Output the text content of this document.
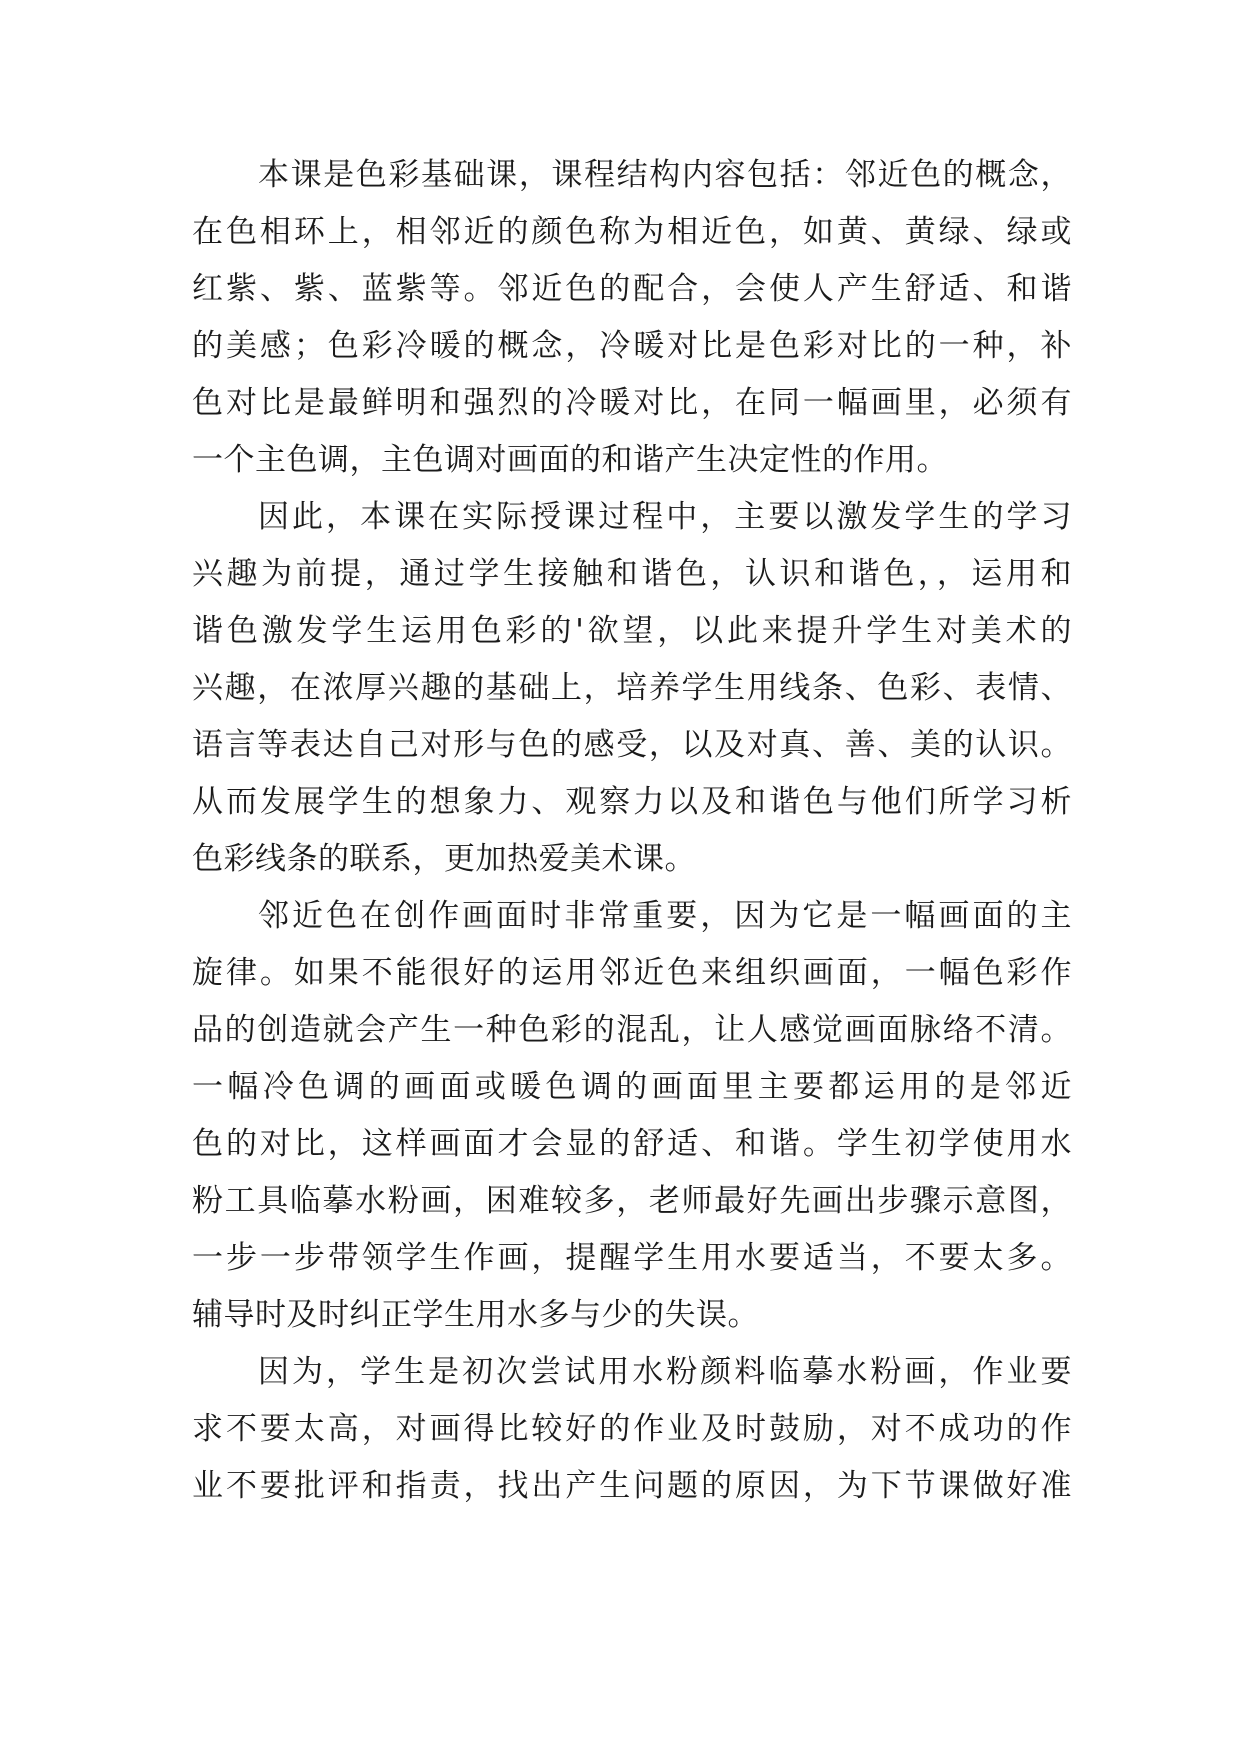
本课是色彩基础课，课程结构内容包括：邻近色的概念，
在色相环上，相邻近的颜色称为相近色，如黄、黄绿、绿或
红紫、紫、蓝紫等。邻近色的配合，会使人产生舒适、和谐
的美感；色彩冷暖的概念，冷暖对比是色彩对比的一种，补
色对比是最鲜明和强烈的冷暖对比，在同一幅画里，必须有
一个主色调，主色调对画面的和谐产生决定性的作用。
因此，本课在实际授课过程中，主要以激发学生的学习
兴趣为前提，通过学生接触和谐色，认识和谐色，，运用和
谐色激发学生运用色彩的'欲望，以此来提升学生对美术的
兴趣，在浓厚兴趣的基础上，培养学生用线条、色彩、表情、
语言等表达自己对形与色的感受，以及对真、善、美的认识。
从而发展学生的想象力、观察力以及和谐色与他们所学习析
色彩线条的联系，更加热爱美术课。
邻近色在创作画面时非常重要，因为它是一幅画面的主
旋律。如果不能很好的运用邻近色来组织画面，一幅色彩作
品的创造就会产生一种色彩的混乱，让人感觉画面脉络不清。
一幅冷色调的画面或暖色调的画面里主要都运用的是邻近
色的对比，这样画面才会显的舒适、和谐。学生初学使用水
粉工具临摹水粉画，困难较多，老师最好先画出步骤示意图，
一步一步带领学生作画，提醒学生用水要适当，不要太多。
辅导时及时纠正学生用水多与少的失误。
因为，学生是初次尝试用水粉颜料临摹水粉画，作业要
求不要太高，对画得比较好的作业及时鼓励，对不成功的作
业不要批评和指责，找出产生问题的原因，为下节课做好准
